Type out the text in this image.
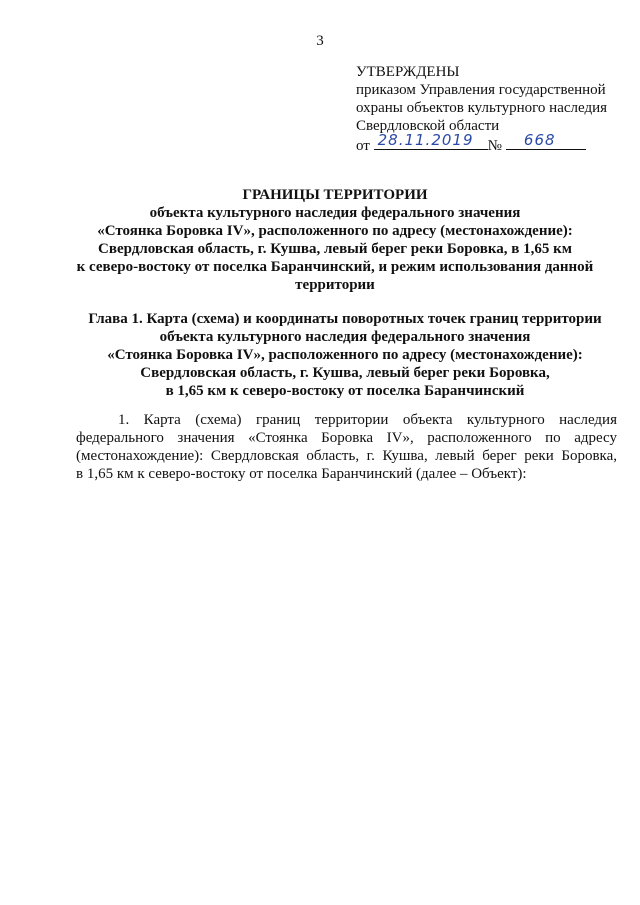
3
УТВЕРЖДЕНЫ
приказом Управления государственной
охраны объектов культурного наследия
Свердловской области
от 28.11.2019 № 668
ГРАНИЦЫ ТЕРРИТОРИИ
объекта культурного наследия федерального значения
«Стоянка Боровка IV», расположенного по адресу (местонахождение):
Свердловская область, г. Кушва, левый берег реки Боровка, в 1,65 км
к северо-востоку от поселка Баранчинский, и режим использования данной
территории
Глава 1. Карта (схема) и координаты поворотных точек границ территории
объекта культурного наследия федерального значения
«Стоянка Боровка IV», расположенного по адресу (местонахождение):
Свердловская область, г. Кушва, левый берег реки Боровка,
в 1,65 км к северо-востоку от поселка Баранчинский
1. Карта (схема) границ территории объекта культурного наследия
федерального значения «Стоянка Боровка IV», расположенного по адресу
(местонахождение): Свердловская область, г. Кушва, левый берег реки Боровка,
в 1,65 км к северо-востоку от поселка Баранчинский (далее – Объект):
